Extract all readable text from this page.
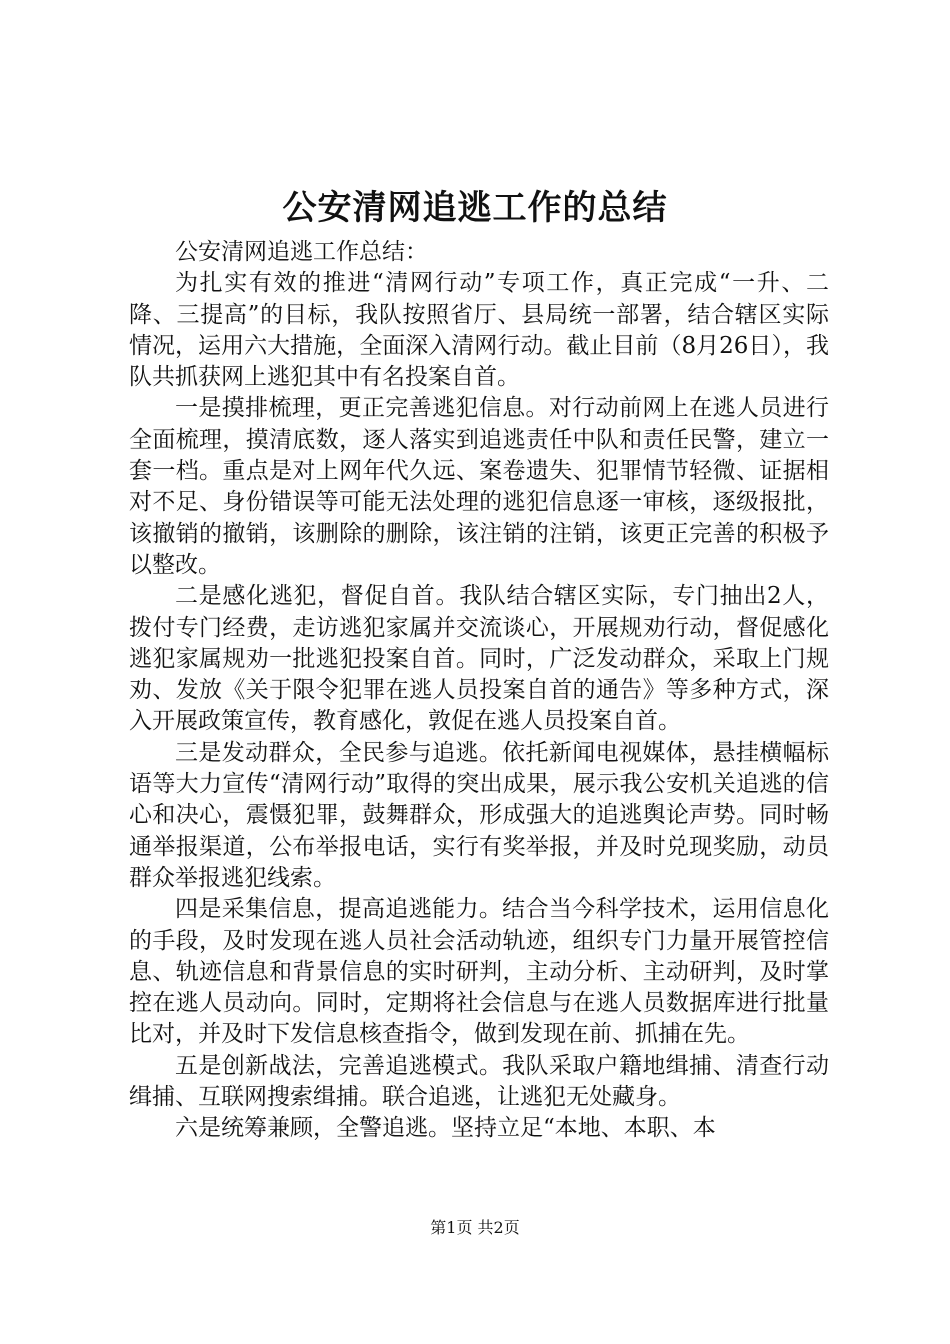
公安清网追逃工作的总结

公安清网追逃工作总结：

为扎实有效的推进“清网行动”专项工作，真正完成“一升、二降、三提高”的目标，我队按照省厅、县局统一部署，结合辖区实际情况，运用六大措施，全面深入清网行动。截止目前（8月26日），我队共抓获网上逃犯其中有名投案自首。

一是摸排梳理，更正完善逃犯信息。对行动前网上在逃人员进行全面梳理，摸清底数，逐人落实到追逃责任中队和责任民警，建立一套一档。重点是对上网年代久远、案卷遗失、犯罪情节轻微、证据相对不足、身份错误等可能无法处理的逃犯信息逐一审核，逐级报批，该撤销的撤销，该删除的删除，该注销的注销，该更正完善的积极予以整改。

二是感化逃犯，督促自首。我队结合辖区实际，专门抽出2人，拨付专门经费，走访逃犯家属并交流谈心，开展规劝行动，督促感化逃犯家属规劝一批逃犯投案自首。同时，广泛发动群众，采取上门规劝、发放《关于限令犯罪在逃人员投案自首的通告》等多种方式，深入开展政策宣传，教育感化，敦促在逃人员投案自首。

三是发动群众，全民参与追逃。依托新闻电视媒体，悬挂横幅标语等大力宣传“清网行动”取得的突出成果，展示我公安机关追逃的信心和决心，震慑犯罪，鼓舞群众，形成强大的追逃舆论声势。同时畅通举报渠道，公布举报电话，实行有奖举报，并及时兑现奖励，动员群众举报逃犯线索。

四是采集信息，提高追逃能力。结合当今科学技术，运用信息化的手段，及时发现在逃人员社会活动轨迹，组织专门力量开展管控信息、轨迹信息和背景信息的实时研判，主动分析、主动研判，及时掌控在逃人员动向。同时，定期将社会信息与在逃人员数据库进行批量比对，并及时下发信息核查指令，做到发现在前、抓捕在先。

五是创新战法，完善追逃模式。我队采取户籍地缉捕、清查行动缉捕、互联网搜索缉捕。联合追逃，让逃犯无处藏身。

六是统筹兼顾，全警追逃。坚持立足“本地、本职、本

第1页 共2页
